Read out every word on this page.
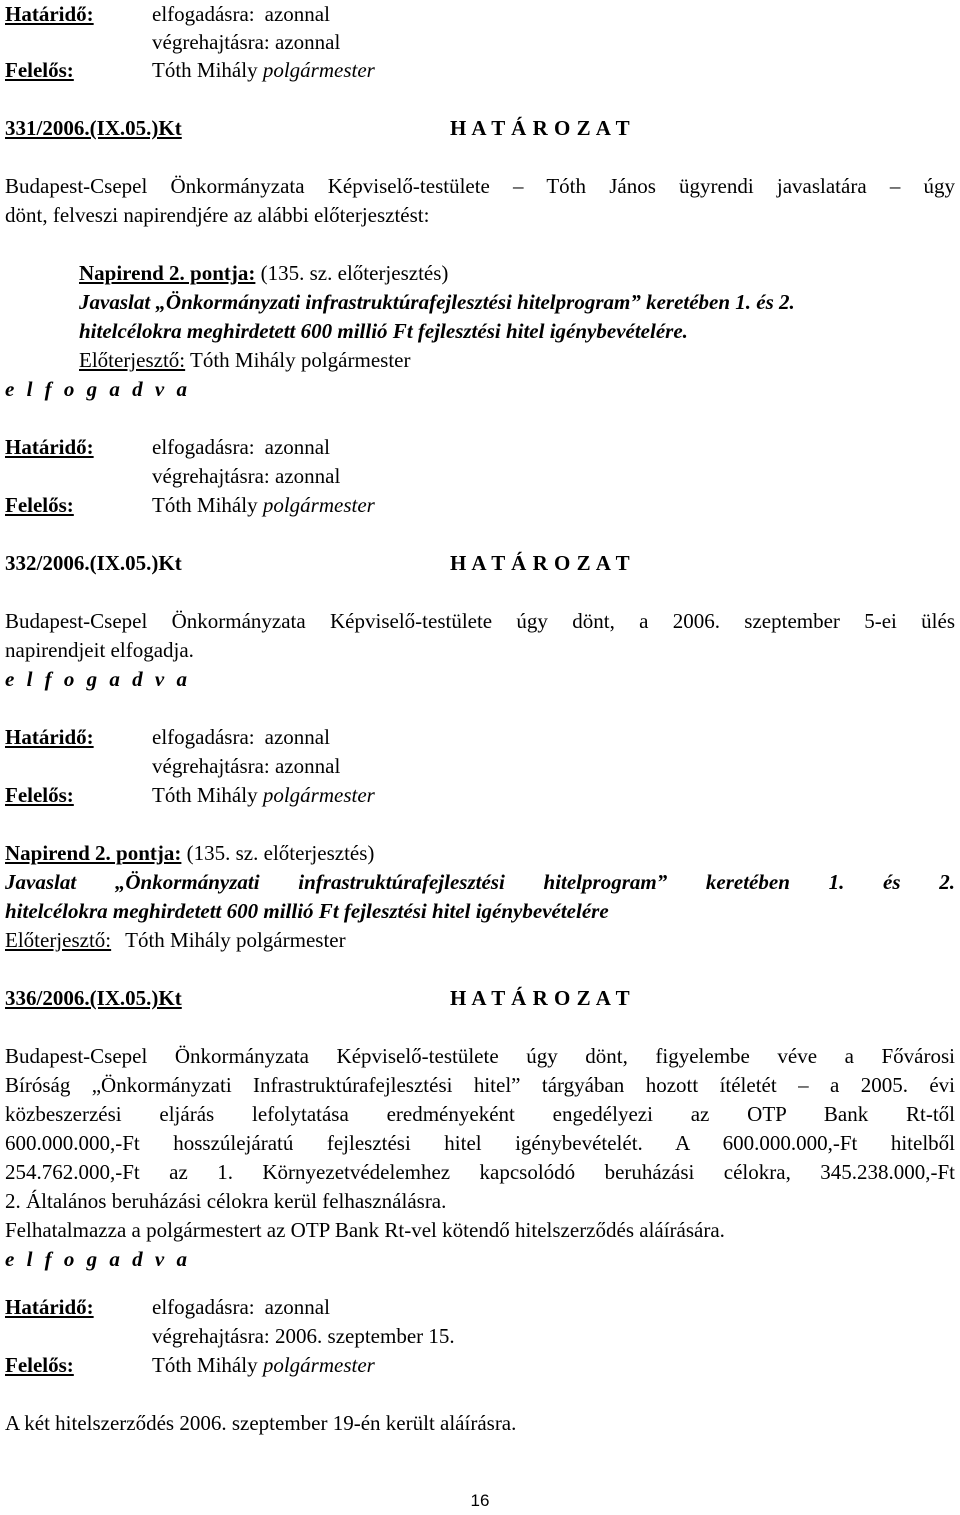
Határidő:	elfogadásra: azonnal
végrehajtásra: azonnal
Felelős:	Tóth Mihály polgármester
331/2006.(IX.05.)Kt	H A T Á R O Z A T
Budapest-Csepel Önkormányzata Képviselő-testülete – Tóth János ügyrendi javaslatára – úgy
dönt, felveszi napirendjére az alábbi előterjesztést:
Napirend 2. pontja: (135. sz. előterjesztés)
Javaslat „Önkormányzati infrastruktúrafejlesztési hitelprogram” keretében 1. és 2.
hitelcélokra meghirdetett 600 millió Ft fejlesztési hitel igénybevételére.
Előterjesztő: Tóth Mihály polgármester
e l f o g a d v a
Határidő:	elfogadásra: azonnal
végrehajtásra: azonnal
Felelős:	Tóth Mihály polgármester
332/2006.(IX.05.)Kt	H A T Á R O Z A T
Budapest-Csepel Önkormányzata Képviselő-testülete úgy dönt, a 2006. szeptember 5-ei ülés
napirendjeit elfogadja.
e l f o g a d v a
Határidő:	elfogadásra: azonnal
végrehajtásra: azonnal
Felelős:	Tóth Mihály polgármester
Napirend 2. pontja: (135. sz. előterjesztés)
Javaslat „Önkormányzati infrastruktúrafejlesztési hitelprogram” keretében 1. és 2.
hitelcélokra meghirdetett 600 millió Ft fejlesztési hitel igénybevételére
Előterjesztő: Tóth Mihály polgármester
336/2006.(IX.05.)Kt	H A T Á R O Z A T
Budapest-Csepel Önkormányzata Képviselő-testülete úgy dönt, figyelembe véve a Fővárosi
Bíróság „Önkormányzati Infrastruktúrafejlesztési hitel” tárgyában hozott ítéletét – a 2005. évi
közbeszerzési eljárás lefolytatása eredményeként engedélyezi az OTP Bank Rt-től
600.000.000,-Ft hosszúlejáratú fejlesztési hitel igénybevételét. A 600.000.000,-Ft hitelből
254.762.000,-Ft az 1. Környezetvédelemhez kapcsolódó beruházási célokra, 345.238.000,-Ft
2. Általános beruházási célokra kerül felhasználásra.
Felhatalmazza a polgármestert az OTP Bank Rt-vel kötendő hitelszerződés aláírására.
e l f o g a d v a
Határidő:	elfogadásra: azonnal
végrehajtásra: 2006. szeptember 15.
Felelős:	Tóth Mihály polgármester
A két hitelszerződés 2006. szeptember 19-én került aláírásra.
16
